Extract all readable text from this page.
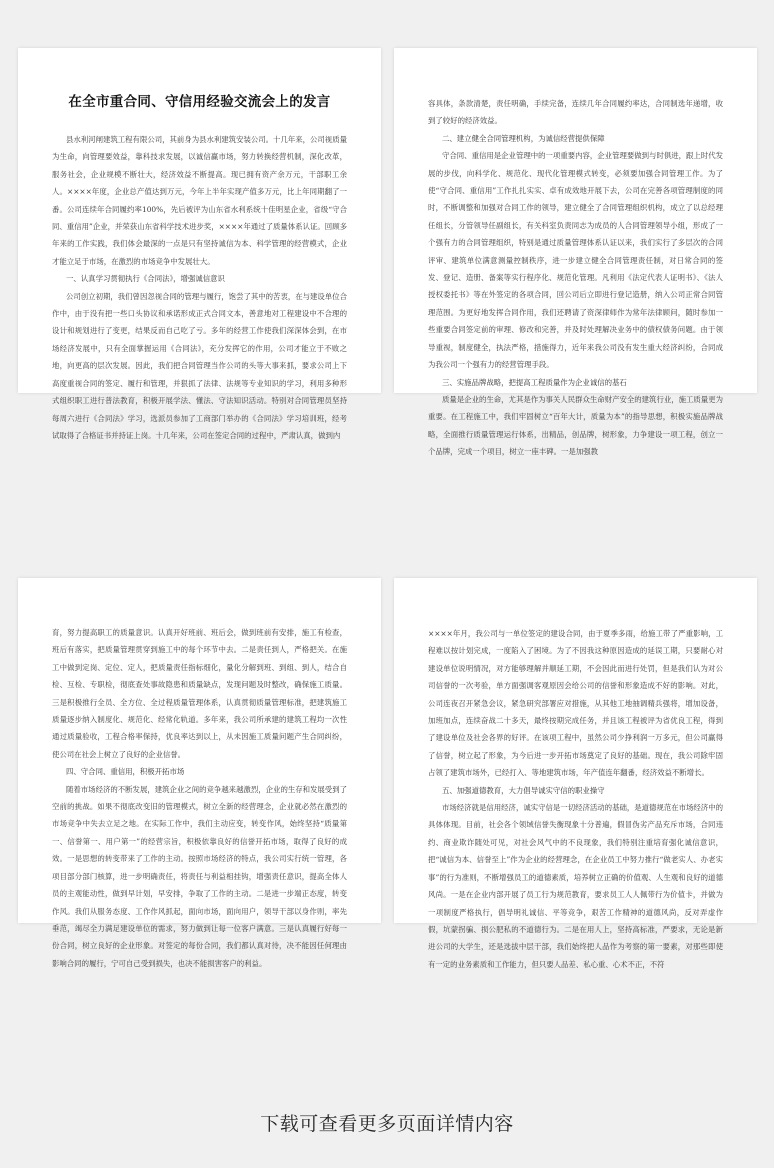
在全市重合同、守信用经验交流会上的发言

县水利河闸建筑工程有限公司，其前身为县水利建筑安装公司。十几年来，公司视质量为生命，向管理要效益，靠科技求发展，以诚信赢市场，努力转换经营机制，深化改革，服务社会，企业规模不断壮大，经济效益不断提高。现已拥有资产余万元，干部职工余人。××××年度，企业总产值达到万元，今年上半年实现产值多万元，比上年同期翻了一番。公司连续年合同履约率100%，先后被评为山东省水利系统十佳明星企业，省级“守合同、重信用”企业，并荣获山东省科学技术进步奖，××××年通过了质量体系认证。回顾多年来的工作实践，我们体会最深的一点是只有坚持诚信为本、科学管理的经营模式，企业才能立足于市场，在激烈的市场竞争中发展壮大。

一、认真学习贯彻执行《合同法》，增强诚信意识

公司创立初期，我们曾因忽视合同的管理与履行，饱尝了其中的苦衷，在与建设单位合作中，由于没有把一些口头协议和承诺形成正式合同文本，善意地对工程建设中不合理的设计和规划进行了变更，结果反而自己吃了亏。多年的经营工作使我们深深体会到，在市场经济发展中，只有全面掌握运用《合同法》，充分发挥它的作用，公司才能立于不败之地，向更高的层次发展。因此，我们把合同管理当作公司的头等大事来抓，要求公司上下高度重视合同的签定、履行和管理，并狠抓了法律、法规等专业知识的学习，利用多种形式组织职工进行普法教育，积极开展学法、懂法、守法知识活动。特别对合同管理员坚持每周六进行《合同法》学习，选派员参加了工商部门举办的《合同法》学习培训班，经考试取得了合格证书并持证上岗。十几年来，公司在签定合同的过程中，严肃认真，做到内

容具体，条款清楚，责任明确，手续完备，连续几年合同履约率达，合同制选年递增，收到了较好的经济效益。

二、建立健全合同管理机构，为诚信经营提供保障

守合同、重信用是企业管理中的一项重要内容，企业管理要做到与时俱进，跟上时代发展的步伐，向科学化、规范化、现代化管理模式转变，必须要加强合同管理工作。为了使“守合同、重信用”工作扎扎实实、卓有成效地开展下去，公司在完善各项管理制度的同时，不断调整和加强对合同工作的领导，建立健全了合同管理组织机构，成立了以总经理任组长，分管领导任副组长，有关科室负责同志为成员的人合同管理领导小组，形成了一个强有力的合同管理组织，特别是通过质量管理体系认证以来，我们实行了多层次的合同评审、建筑单位满意测量控制秩序，进一步建立健全合同管理责任制，对日常合同的签发、登记、造册、备案等实行程序化、规范化管理。凡利用《法定代表人证明书》、《法人授权委托书》等在外签定的各项合同，回公司后立即进行登记造册，纳入公司正常合同管理范围。为更好地发挥合同作用，我们还聘请了资深律师作为常年法律顾问，随时参加一些重要合同签定前的审理、修改和完善，并及时处理解决业务中的债权债务问题。由于领导重视，制度健全，执法严格，措施得力，近年来我公司没有发生重大经济纠纷，合同成为我公司一个强有力的经营管理手段。

三、实施品牌战略，把提高工程质量作为企业诚信的基石

质量是企业的生命，尤其是作为事关人民群众生命财产安全的建筑行业，施工质量更为重要。在工程施工中，我们牢固树立“百年大计，质量为本”的指导思想，积极实施品牌战略，全面推行质量管理运行体系，出精品，创品牌，树形象，力争建设一项工程，创立一个品牌，完成一个项目，树立一座丰碑。一是加强教

育，努力提高职工的质量意识。认真开好班前、班后会，做到班前有安排，施工有检查，班后有落实，把质量管理贯穿到施工中的每个环节中去。二是责任到人，严格把关。在施工中做到定岗、定位、定人，把质量责任指标细化，量化分解到班、到组、到人，结合自检、互检、专职检，彻底查处事故隐患和质量缺点，发现问题及时整改，确保施工质量。三是积极推行全员、全方位、全过程质量管理体系，认真贯彻质量管理标准，把建筑施工质量逐步纳入制度化、规范化、经常化轨道。多年来，我公司所承建的建筑工程均一次性通过质量验收，工程合格率保持，优良率达到以上，从未因施工质量问题产生合同纠纷，使公司在社会上树立了良好的企业信誉。

四、守合同、重信用，积极开拓市场

随着市场经济的不断发展，建筑企业之间的竞争越来越激烈，企业的生存和发展受到了空前的挑战。如果不彻底改变旧的管理模式，树立全新的经营理念，企业就必然在激烈的市场竞争中失去立足之地。在实际工作中，我们主动应变，转变作风，始终坚持“质量第一、信誉第一、用户第一”的经营宗旨，积极依靠良好的信誉开拓市场，取得了良好的成效。一是思想的转变带来了工作的主动。按照市场经济的特点，我公司实行统一管理，各项目部分部门核算，进一步明确责任，将责任与利益相挂钩，增强责任意识，提高全体人员的主观能动性，做到早计划，早安排，争取了工作的主动。二是进一步端正态度，转变作风。我们从服务态度、工作作风抓起，面向市场，面向用户，领导干部以身作则，率先垂范，竭尽全力满足建设单位的需求，努力做到让每一位客户满意。三是认真履行好每一份合同，树立良好的企业形象。对签定的每份合同，我们都认真对待，决不能因任何理由影响合同的履行，宁可自己受到损失，也决不能损害客户的利益。

××××年月，我公司与一单位签定的建设合同，由于夏季多雨，给施工带了严重影响，工程难以按计划完成，一度陷入了困境。为了不因我这种原因造成的延误工期，只要耐心对建设单位说明情况，对方能够理解并顺延工期，不会因此而进行处罚，但是我们认为对公司信誉的一次考验，单方面强调客观原因会给公司的信誉和形象造成不好的影响。对此，公司连夜召开紧急会议，紧急研究部署应对措施，从其他工地抽调精兵强将，增加设备，加班加点，连续奋战二十多天，最终按期完成任务，并且该工程被评为省优良工程，得到了建设单位及社会各界的好评。在该项工程中，虽然公司少挣利润一万多元，但公司赢得了信誉，树立起了形象，为今后进一步开拓市场奠定了良好的基础。现在，我公司除牢固占领了建筑市场外，已经打入、等地建筑市场，年产值连年翻番，经济效益不断增长。

五、加强道德教育，大力倡导诚实守信的职业操守

市场经济就是信用经济，诚实守信是一切经济活动的基础，是道德规范在市场经济中的具体体现。目前，社会各个领域信誉失衡现象十分普遍，假冒伪劣产品充斥市场，合同违约、商业欺诈随处可见，对社会风气中的不良现象，我们特别注重培育强化诚信意识，把“诚信为本、信誉至上”作为企业的经营理念，在企业员工中努力推行“做老实人、办老实事”的行为准则，不断增强员工的道德素质，培养树立正确的价值观、人生观和良好的道德风尚。一是在企业内部开展了员工行为规范教育，要求员工人人佩带行为价值卡，并做为一项制度严格执行，倡导明礼诚信、平等竞争，艰苦工作精神的道德风尚，反对弄虚作假，坑蒙拐骗、损公肥私的不道德行为。二是在用人上，坚持高标准，严要求，无论是新进公司的大学生，还是选拔中层干部，我们始终把人品作为考察的第一要素，对那些即使有一定的业务素质和工作能力，但只要人品差、私心重、心术不正，不符

下载可查看更多页面详情内容
